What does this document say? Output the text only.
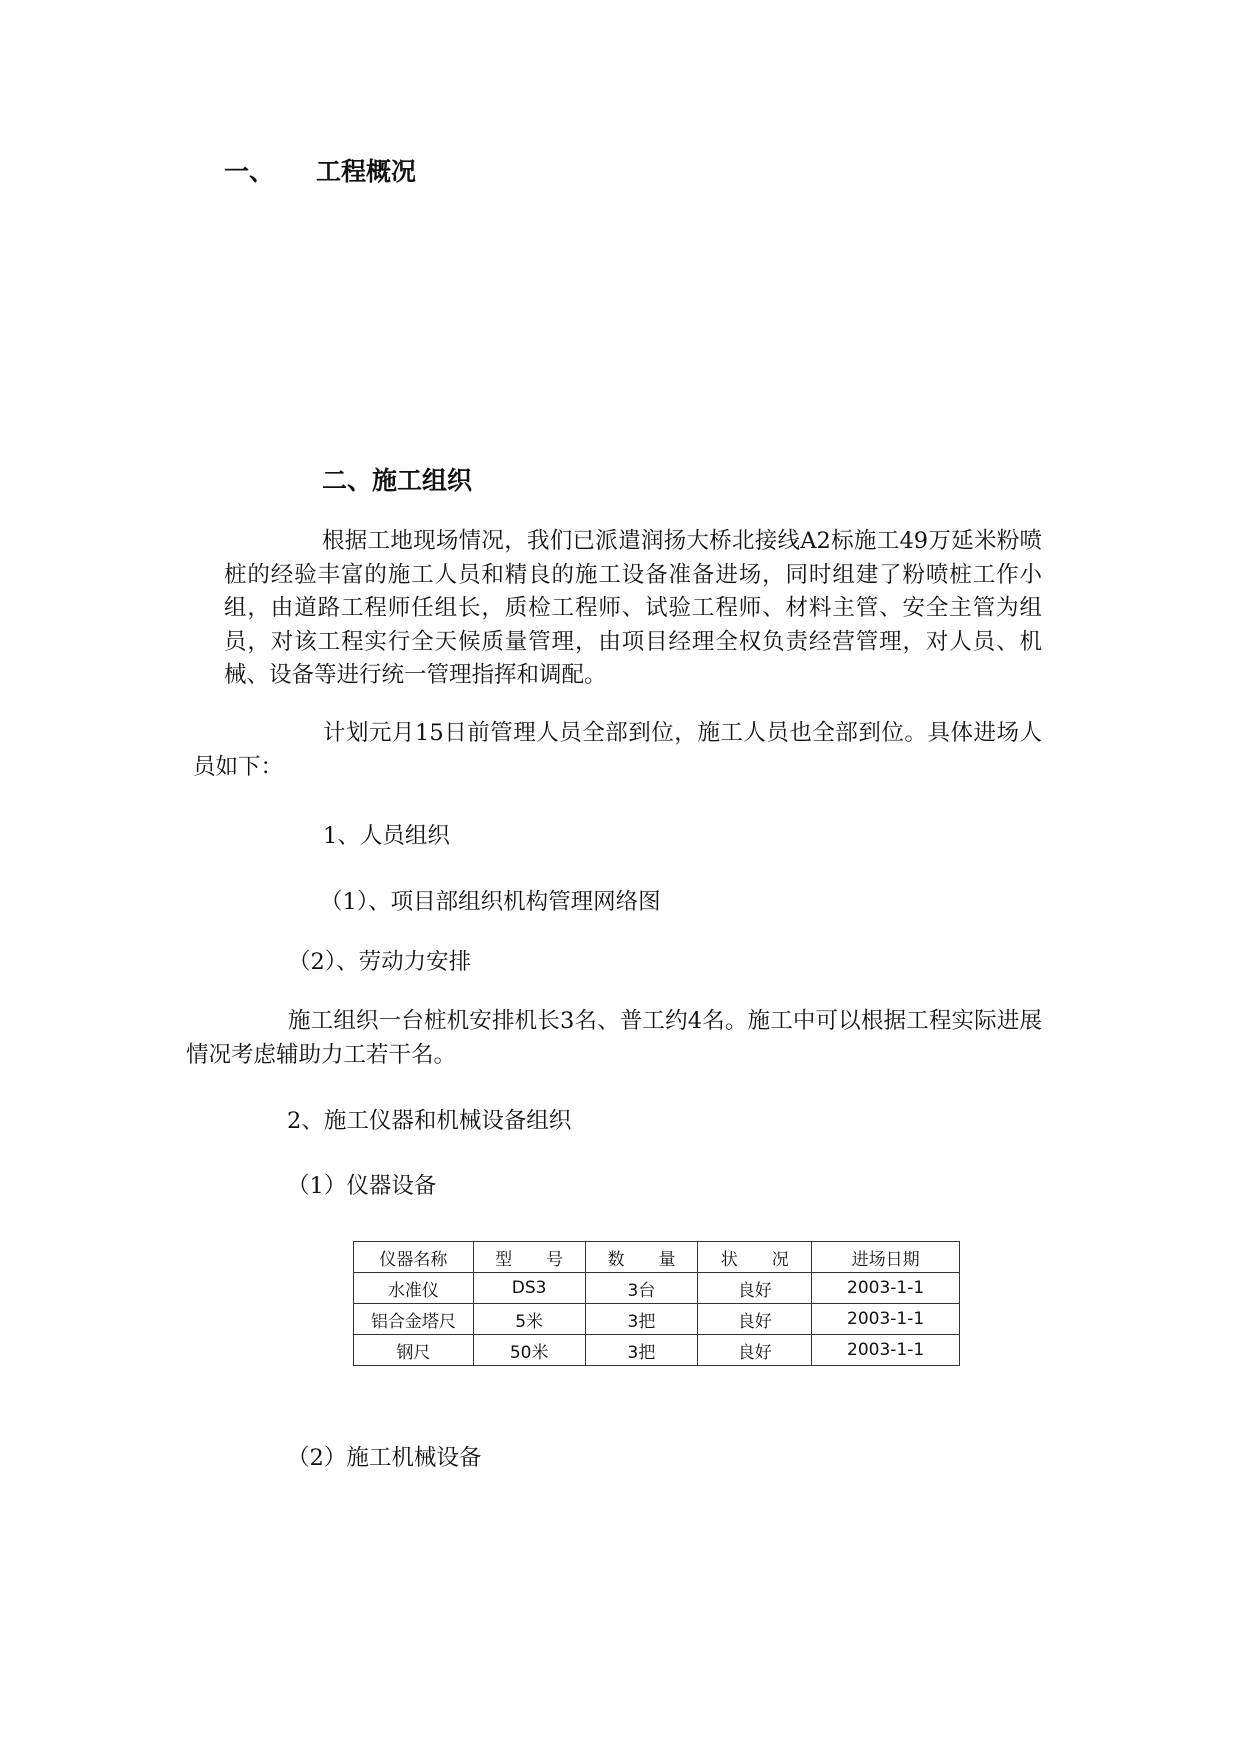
一、 工程概况
二、施工组织
根据工地现场情况，我们已派遣润扬大桥北接线A2标施工49万延米粉喷桩的经验丰富的施工人员和精良的施工设备准备进场，同时组建了粉喷桩工作小组，由道路工程师任组长，质检工程师、试验工程师、材料主管、安全主管为组员，对该工程实行全天候质量管理，由项目经理全权负责经营管理，对人员、机械、设备等进行统一管理指挥和调配。
计划元月15日前管理人员全部到位，施工人员也全部到位。具体进场人员如下：
1、人员组织
（1）、项目部组织机构管理网络图
（2）、劳动力安排
施工组织一台桩机安排机长3名、普工约4名。施工中可以根据工程实际进展情况考虑辅助力工若干名。
2、施工仪器和机械设备组织
（1）仪器设备
仪器名称	型　　号	数　　量	状　　况	进场日期
水准仪	DS3	3台	良好	2003-1-1
铝合金塔尺	5米	3把	良好	2003-1-1
钢尺	50米	3把	良好	2003-1-1
（2）施工机械设备
